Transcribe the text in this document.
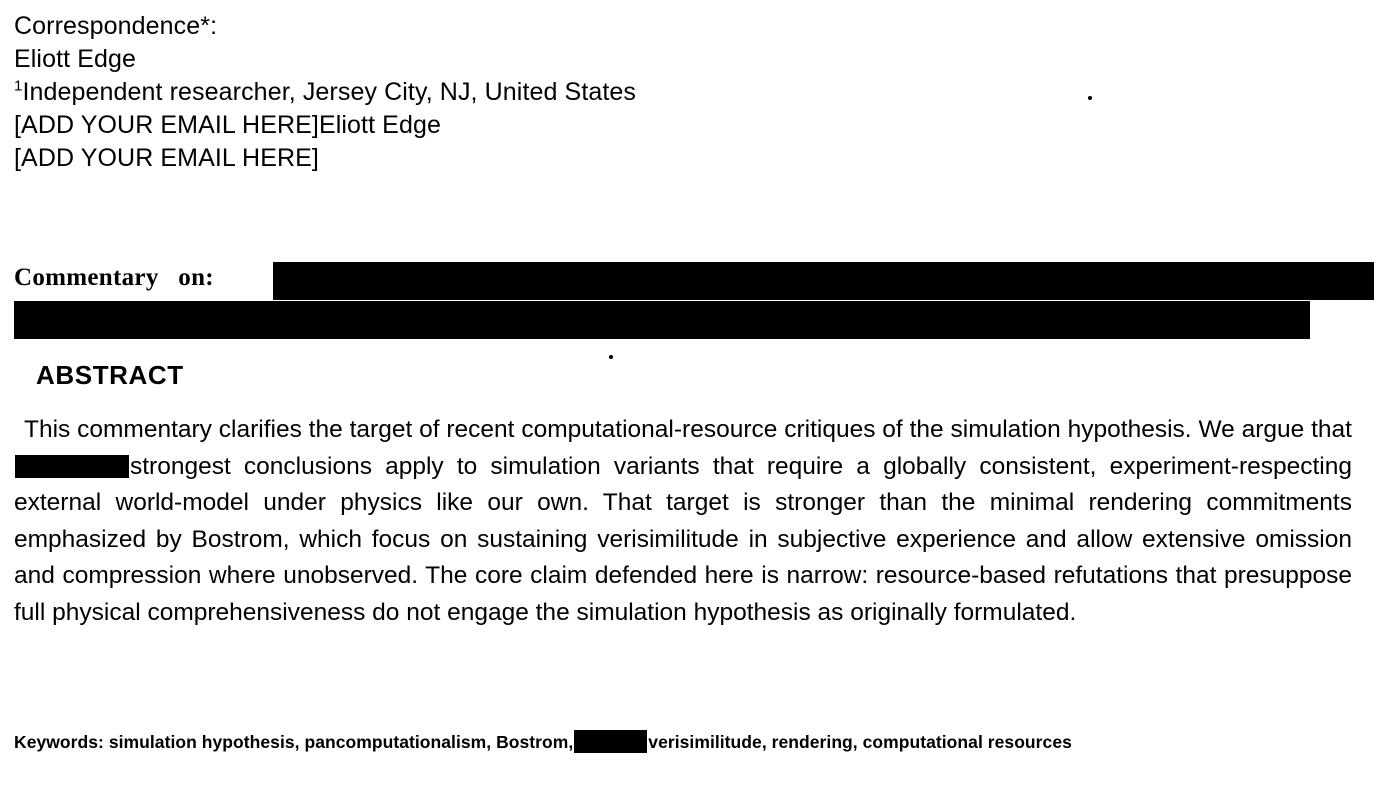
Correspondence*:
Eliott Edge
$^1$Independent researcher, Jersey City, NJ, United States
[ADD YOUR EMAIL HERE]Eliott Edge
[ADD YOUR EMAIL HERE]
Commentary   on:
ABSTRACT
This commentary clarifies the target of recent computational-resource critiques of the simulation hypothesis. We argue thatstrongest conclusions apply to simulation variants that require a globally consistent, experiment-respecting external world-model under physics like our own. That target is stronger than the minimal rendering commitments emphasized by Bostrom, which focus on sustaining verisimilitude in subjective experience and allow extensive omission and compression where unobserved. The core claim defended here is narrow: resource-based refutations that presuppose full physical comprehensiveness do not engage the simulation hypothesis as originally formulated.
Keywords: simulation hypothesis, pancomputationalism, Bostrom,	verisimilitude, rendering, computational resources
